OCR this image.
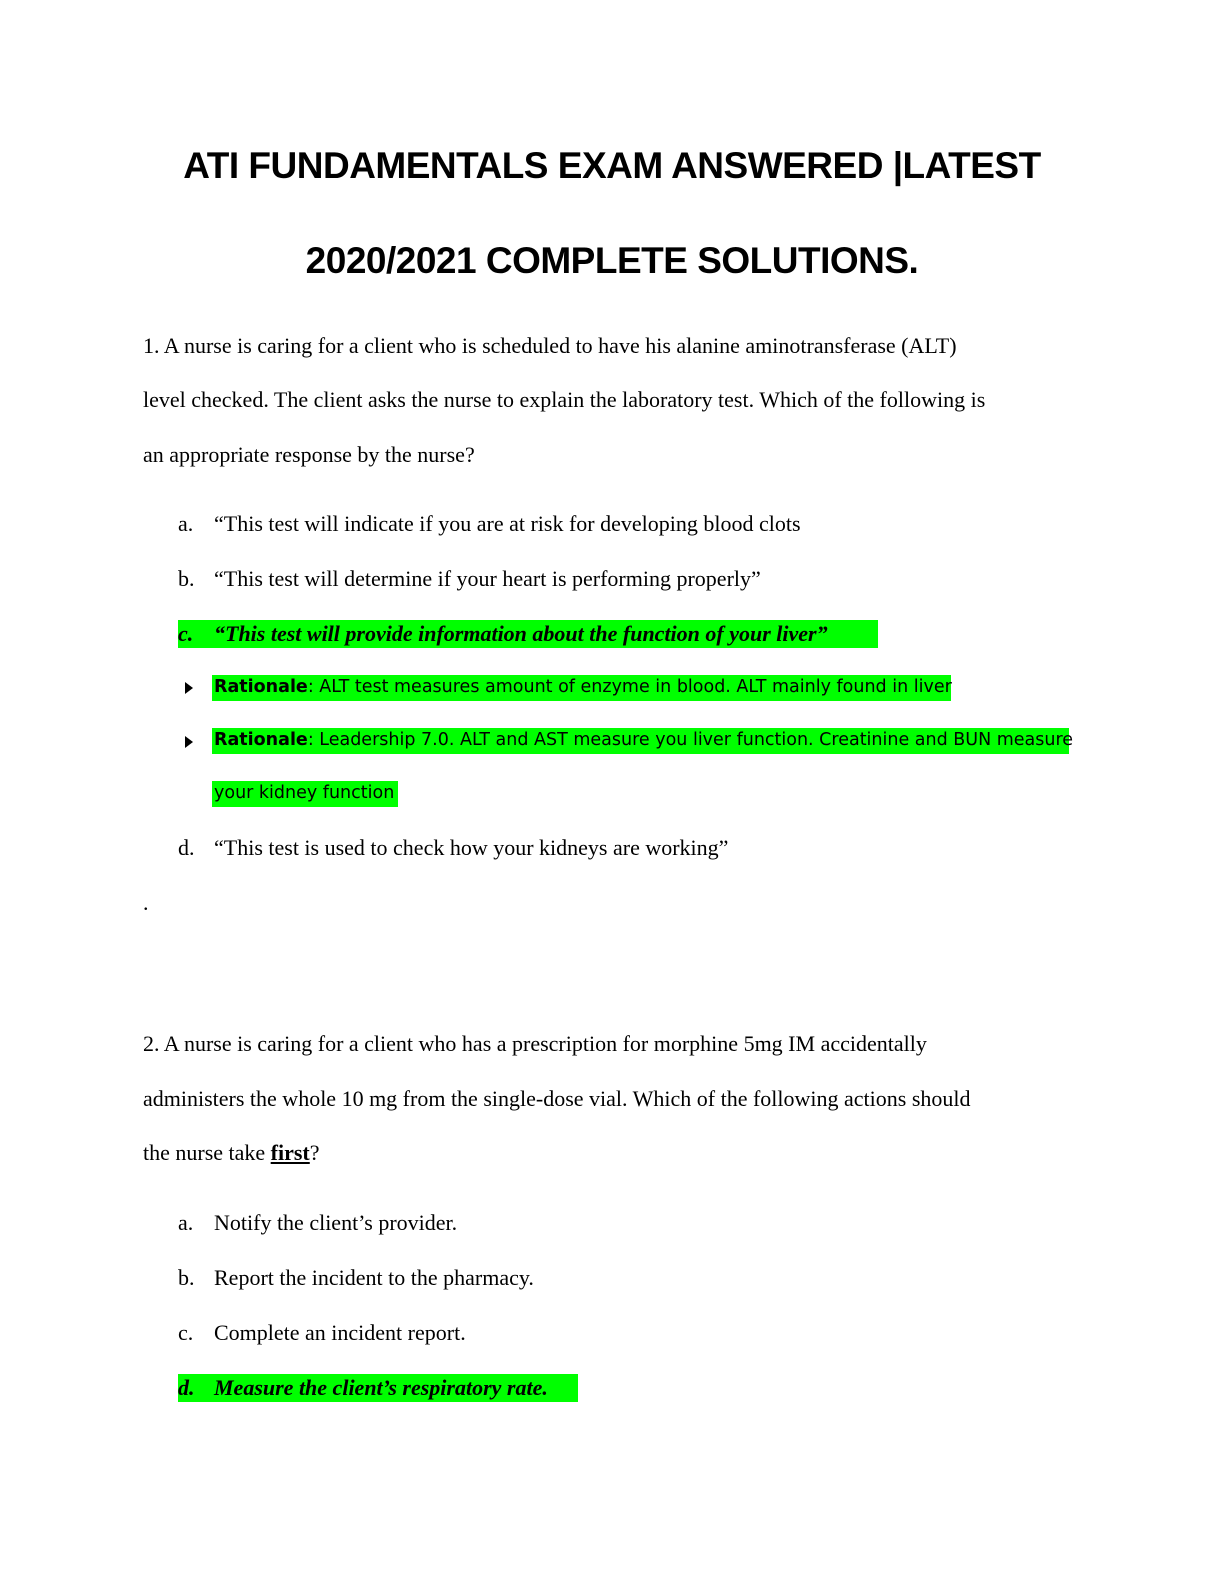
ATI FUNDAMENTALS EXAM ANSWERED |LATEST
2020/2021 COMPLETE SOLUTIONS.
1. A nurse is caring for a client who is scheduled to have his alanine aminotransferase (ALT)
level checked. The client asks the nurse to explain the laboratory test. Which of the following is
an appropriate response by the nurse?
a. “This test will indicate if you are at risk for developing blood clots
b. “This test will determine if your heart is performing properly”
c. “This test will provide information about the function of your liver”
Rationale: ALT test measures amount of enzyme in blood. ALT mainly found in liver
Rationale: Leadership 7.0. ALT and AST measure you liver function. Creatinine and BUN measure
your kidney function
d. “This test is used to check how your kidneys are working”
.
2. A nurse is caring for a client who has a prescription for morphine 5mg IM accidentally
administers the whole 10 mg from the single-dose vial. Which of the following actions should
the nurse take first?
a. Notify the client’s provider.
b. Report the incident to the pharmacy.
c. Complete an incident report.
d. Measure the client’s respiratory rate.
